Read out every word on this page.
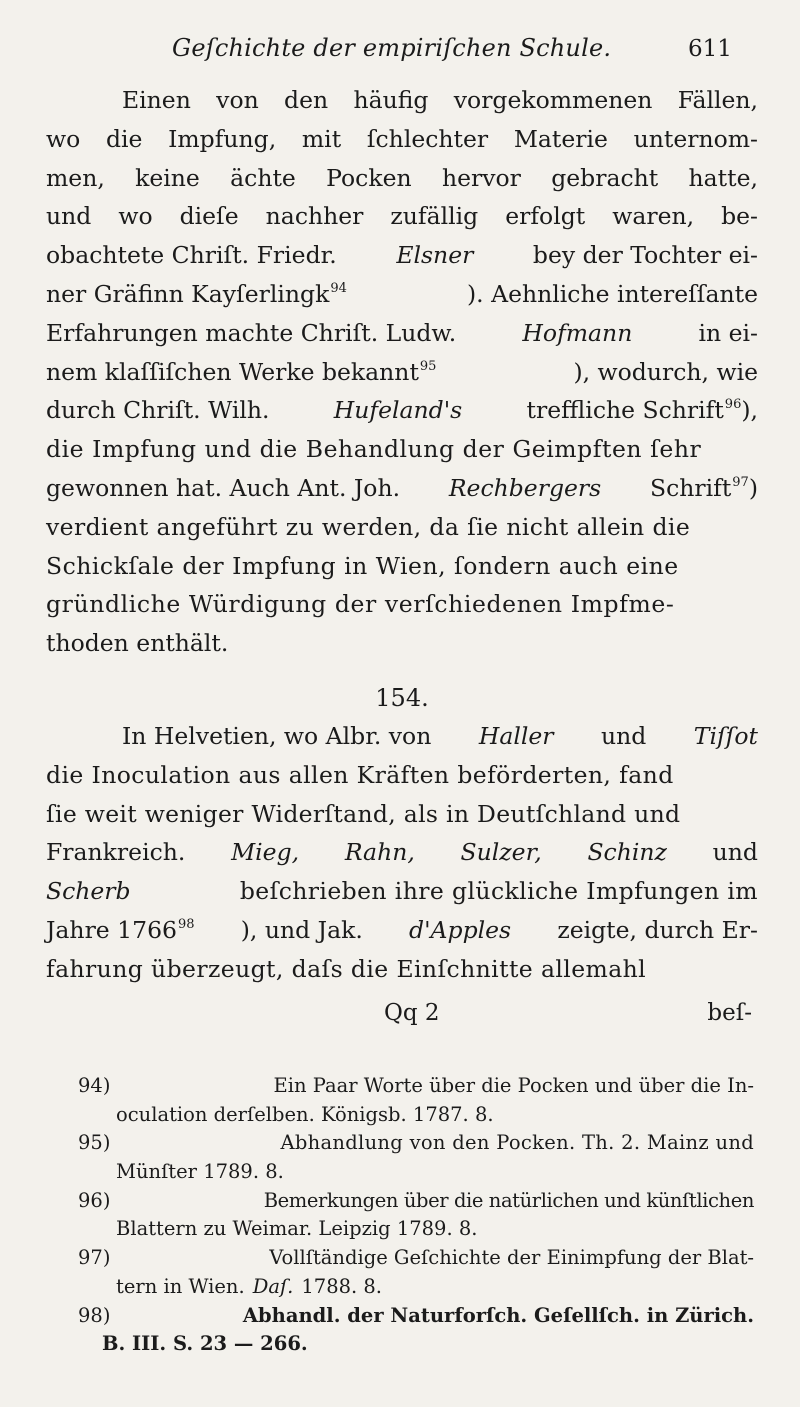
Geſchichte der empiriſchen Schule.	611
Einen von den häufig vorgekommenen Fällen,
wo die Impfung, mit ſchlechter Materie unternom-
men, keine ächte Pocken hervor gebracht hatte,
und wo dieſe nachher zufällig erfolgt waren, be-
obachtete Chriſt. Friedr.	Elsner	bey der Tochter ei-
ner Gräfinn Kayſerlingk$^{94}$	). Aehnliche intereſſante
Erfahrungen machte Chriſt. Ludw.	Hofmann	in ei-
nem klaſſiſchen Werke bekannt$^{95}$	), wodurch, wie
durch Chriſt. Wilh.	Hufeland's	treffliche Schrift$^{96}$),
die Impfung und die Behandlung der Geimpften ſehr
gewonnen hat. Auch Ant. Joh. Rechbergers Schrift$^{97}$)
verdient angeführt zu werden, da ſie nicht allein die
Schickſale der Impfung in Wien, ſondern auch eine
gründliche Würdigung der verſchiedenen Impfme-
thoden enthält.
154.
In Helvetien, wo Albr. von Haller und Tiſſot
die Inoculation aus allen Kräften beförderten, fand
ſie weit weniger Widerſtand, als in Deutſchland und
Frankreich. Mieg, Rahn, Sulzer, Schinz und
Scherb	beſchrieben ihre glückliche Impfungen im
Jahre 1766$^{98}$ ), und Jak. d'Apples zeigte, durch Er-
fahrung überzeugt, daſs die Einſchnitte allemahl
Qq 2	beſ-
94)	Ein Paar Worte über die Pocken und über die In-
oculation derſelben. Königsb. 1787. 8.
95)	Abhandlung von den Pocken. Th. 2. Mainz und
Münſter 1789. 8.
96)	Bemerkungen über die natürlichen und künſtlichen
Blattern zu Weimar. Leipzig 1789. 8.
97)	Vollſtändige Geſchichte der Einimpfung der Blat-
tern in Wien. Daſ. 1788. 8.
98)	Abhandl. der Naturforſch. Geſellſch. in Zürich.
B. III. S. 23 — 266.
